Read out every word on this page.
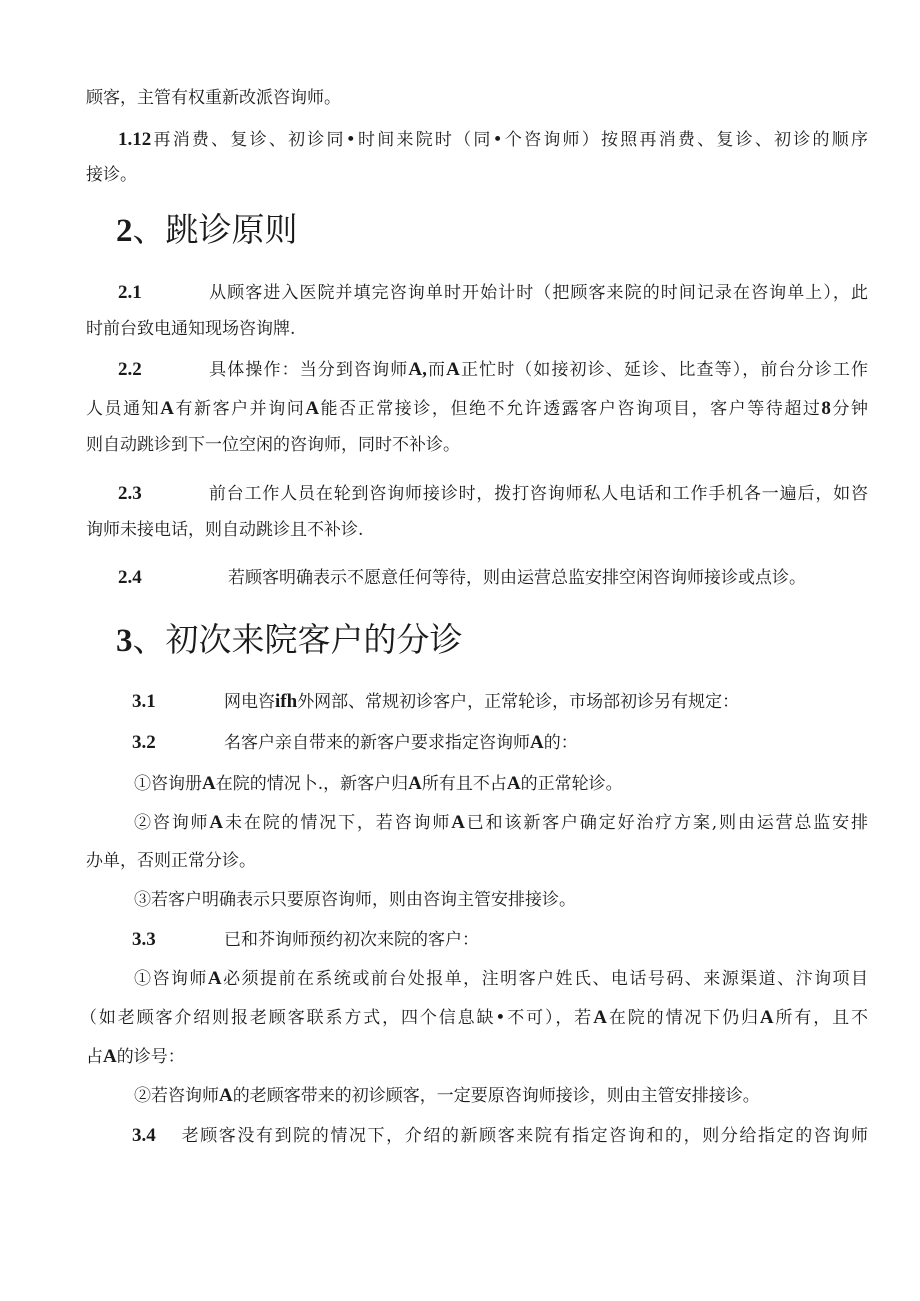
顾客，主管有权重新改派咨询师。
1.12再消费、复诊、初诊同•时间来院时（同•个咨询师）按照再消费、复诊、初诊的顺序
接诊。
2、跳诊原则
2.1	从顾客进入医院并填完咨询单时开始计时（把顾客来院的时间记录在咨询单上），此
时前台致电通知现场咨询牌.
2.2	具体操作：当分到咨询师A,而A正忙时（如接初诊、延诊、比查等），前台分诊工作
人员通知A有新客户并询问A能否正常接诊，但绝不允许透露客户咨询项目，客户等待超过8分钟
则自动跳诊到下一位空闲的咨询师，同时不补诊。
2.3	前台工作人员在轮到咨询师接诊时，拨打咨询师私人电话和工作手机各一遍后，如咨
询师未接电话，则自动跳诊且不补诊.
2.4	若顾客明确表示不愿意任何等待，则由运营总监安排空闲咨询师接诊或点诊。
3、初次来院客户的分诊
3.1	网电咨ifh外网部、常规初诊客户，正常轮诊，市场部初诊另有规定：
3.2	名客户亲自带来的新客户要求指定咨询师A的：
①咨询册A在院的情况卜.，新客户归A所有且不占A的正常轮诊。
②咨询师A未在院的情况下，若咨询师A已和该新客户确定好治疗方案,则由运营总监安排
办单，否则正常分诊。
③若客户明确表示只要原咨询师，则由咨询主管安排接诊。
3.3	已和芥询师预约初次来院的客户：
①咨询师A必须提前在系统或前台处报单，注明客户姓氏、电话号码、来源渠道、汴询项目
（如老顾客介绍则报老顾客联系方式，四个信息缺•不可），若A在院的情况下仍归A所有，且不
占A的诊号：
②若咨询师A的老顾客带来的初诊顾客，一定要原咨询师接诊，则由主管安排接诊。
3.4 老顾客没有到院的情况下，介绍的新顾客来院有指定咨询和的，则分给指定的咨询师
